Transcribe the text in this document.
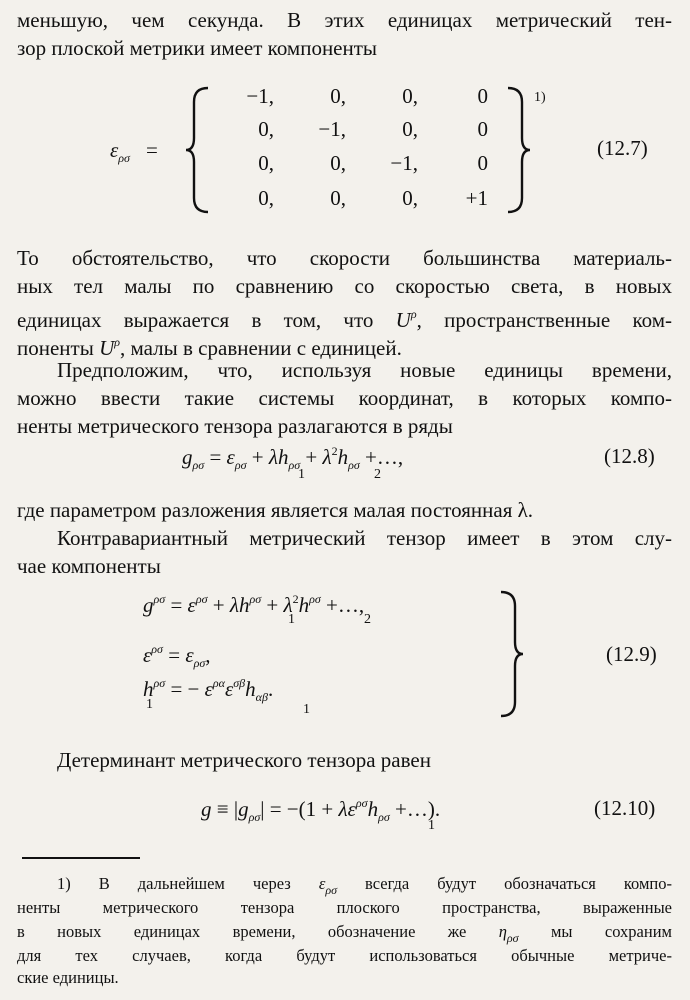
меньшую, чем секунда. В этих единицах метрический тен-
зор плоской метрики имеет компоненты
$\varepsilon_{\rho\sigma}$ =
−1,	0,	0,	0
0,	−1,	0,	0
0,	0,	−1,	0
0,	0,	0,	+1
1)
(12.7)
То обстоятельство, что скорости большинства материаль-
ных тел малы по сравнению со скоростью света, в новых
единицах выражается в том, что $U^\rho$, пространственные ком-
поненты $U^\rho$, малы в сравнении с единицей.
Предположим, что, используя новые единицы времени,
можно ввести такие системы координат, в которых компо-
ненты метрического тензора разлагаются в ряды
$g_{\rho\sigma} = \varepsilon_{\rho\sigma} + \lambda h_{\rho\sigma} + \lambda^2h_{\rho\sigma}$ +…,
1	2
(12.8)
где параметром разложения является малая постоянная λ.
Контравариантный метрический тензор имеет в этом слу-
чае компоненты
$g^{\rho\sigma} = \varepsilon^{\rho\sigma} + \lambda h^{\rho\sigma} + \lambda^2h^{\rho\sigma}$ +…,
1	2
$\varepsilon^{\rho\sigma} = \varepsilon_{\rho\sigma}$,
$h^{\rho\sigma}$ = − $\varepsilon^{\rho\alpha}\varepsilon^{\sigma\beta}h_{\alpha\beta}$.
1	1
(12.9)
Детерминант метрического тензора равен
$g \equiv |g_{\rho\sigma}| = -(1 + \lambda\varepsilon^{\rho\sigma}h_{\rho\sigma}$ +…).
1
(12.10)
1) В дальнейшем через $\varepsilon_{\rho\sigma}$ всегда будут обозначаться компо-
ненты метрического тензора плоского пространства, выраженные
в новых единицах времени, обозначение же $\eta_{\rho\sigma}$ мы сохраним
для тех случаев, когда будут использоваться обычные метриче-
ские единицы.
